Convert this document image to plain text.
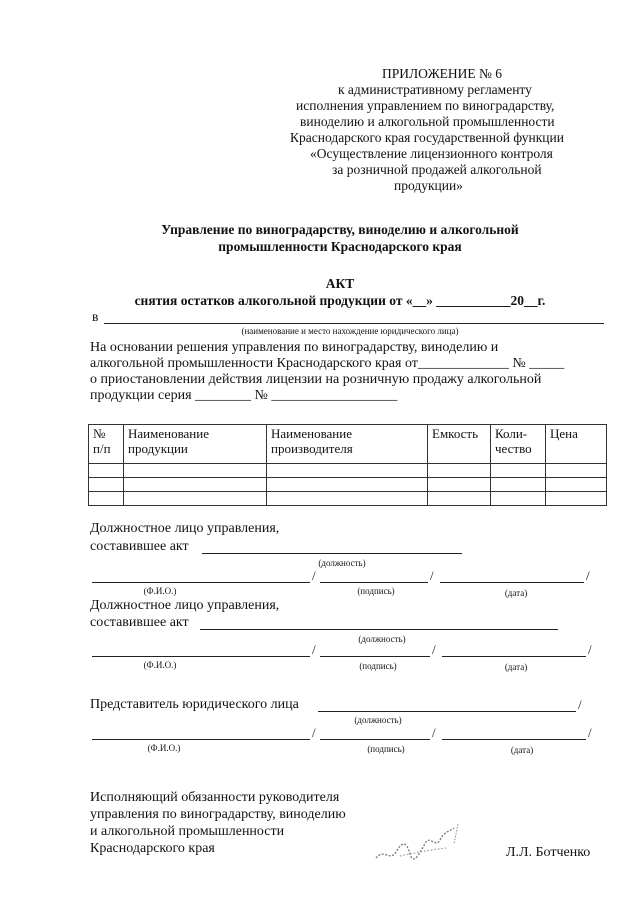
ПРИЛОЖЕНИЕ № 6
к административному регламенту
исполнения управлением по виноградарству,
виноделию и алкогольной промышленности
Краснодарского края государственной функции
«Осуществление лицензионного контроля
за розничной продажей алкогольной
продукции»
Управление по виноградарству, виноделию и алкогольной
промышленности Краснодарского края
АКТ
снятия остатков алкогольной продукции от «__» ___________20__г.
в
(наименование и место нахождение юридического лица)
На основании решения управления по виноградарству, виноделию и
алкогольной промышленности Краснодарского края от_____________ № _____
о приостановлении действия лицензии на розничную продажу алкогольной
продукции серия ________ № __________________
№ п/п	Наименование продукции	Наименование производителя	Емкость	Коли-чество	Цена

Должностное лицо управления,
составившее акт
(должность)
/	/	/
(Ф.И.О.)	(подпись)	(дата)
Должностное лицо управления,
составившее акт
(должность)
/	/	/
(Ф.И.О.)	(подпись)	(дата)
Представитель юридического лица	/
(должность)
/	/	/
(Ф.И.О.)	(подпись)	(дата)
Исполняющий обязанности руководителя
управления по виноградарству, виноделию
и алкогольной промышленности
Краснодарского края	Л.Л. Ботченко
